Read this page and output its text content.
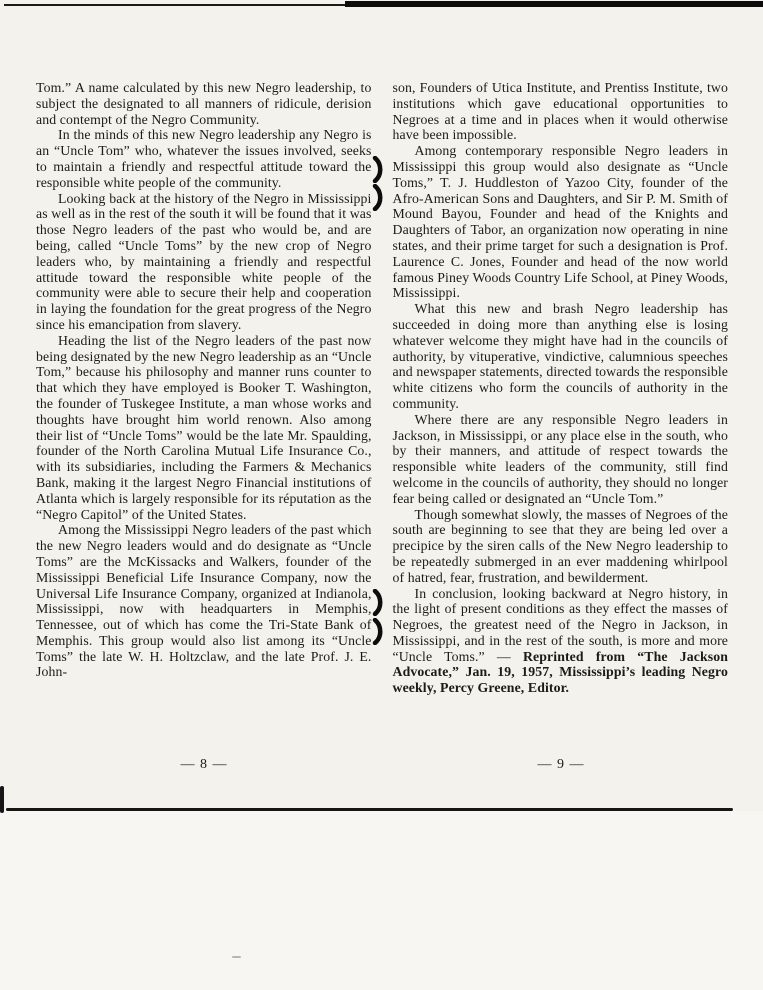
Tom.” A name calculated by this new Negro leadership, to subject the designated to all manners of ridicule, derision and contempt of the Negro Community.

In the minds of this new Negro leadership any Negro is an “Uncle Tom” who, whatever the issues involved, seeks to maintain a friendly and respectful attitude toward the responsible white people of the community.

Looking back at the history of the Negro in Mississippi as well as in the rest of the south it will be found that it was those Negro leaders of the past who would be, and are being, called “Uncle Toms” by the new crop of Negro leaders who, by maintaining a friendly and respectful attitude toward the responsible white people of the community were able to secure their help and cooperation in laying the foundation for the great progress of the Negro since his emancipation from slavery.

Heading the list of the Negro leaders of the past now being designated by the new Negro leadership as an “Uncle Tom,” because his philosophy and manner runs counter to that which they have employed is Booker T. Washington, the founder of Tuskegee Institute, a man whose works and thoughts have brought him world renown. Also among their list of “Uncle Toms” would be the late Mr. Spaulding, founder of the North Carolina Mutual Life Insurance Co., with its subsidiaries, including the Farmers & Mechanics Bank, making it the largest Negro Financial institutions of Atlanta which is largely responsible for its réputation as the “Negro Capitol” of the United States.

Among the Mississippi Negro leaders of the past which the new Negro leaders would and do designate as “Uncle Toms” are the McKissacks and Walkers, founder of the Mississippi Beneficial Life Insurance Company, now the Universal Life Insurance Company, organized at Indianola, Mississippi, now with headquarters in Memphis, Tennessee, out of which has come the Tri-State Bank of Memphis. This group would also list among its “Uncle Toms” the late W. H. Holtzclaw, and the late Prof. J. E. John-

son, Founders of Utica Institute, and Prentiss Institute, two institutions which gave educational opportunities to Negroes at a time and in places when it would otherwise have been impossible.

Among contemporary responsible Negro leaders in Mississippi this group would also designate as “Uncle Toms,” T. J. Huddleston of Yazoo City, founder of the Afro-American Sons and Daughters, and Sir P. M. Smith of Mound Bayou, Founder and head of the Knights and Daughters of Tabor, an organization now operating in nine states, and their prime target for such a designation is Prof. Laurence C. Jones, Founder and head of the now world famous Piney Woods Country Life School, at Piney Woods, Mississippi.

What this new and brash Negro leadership has succeeded in doing more than anything else is losing whatever welcome they might have had in the councils of authority, by vituperative, vindictive, calumnious speeches and newspaper statements, directed towards the responsible white citizens who form the councils of authority in the community.

Where there are any responsible Negro leaders in Jackson, in Mississippi, or any place else in the south, who by their manners, and attitude of respect towards the responsible white leaders of the community, still find welcome in the councils of authority, they should no longer fear being called or designated an “Uncle Tom.”

Though somewhat slowly, the masses of Negroes of the south are beginning to see that they are being led over a precipice by the siren calls of the New Negro leadership to be repeatedly submerged in an ever maddening whirlpool of hatred, fear, frustration, and bewilderment.

In conclusion, looking backward at Negro history, in the light of present conditions as they effect the masses of Negroes, the greatest need of the Negro in Jackson, in Mississippi, and in the rest of the south, is more and more “Uncle Toms.” — Reprinted from “The Jackson Advocate,” Jan. 19, 1957, Mississippi’s leading Negro weekly, Percy Greene, Editor.

— 8 —	— 9 —
